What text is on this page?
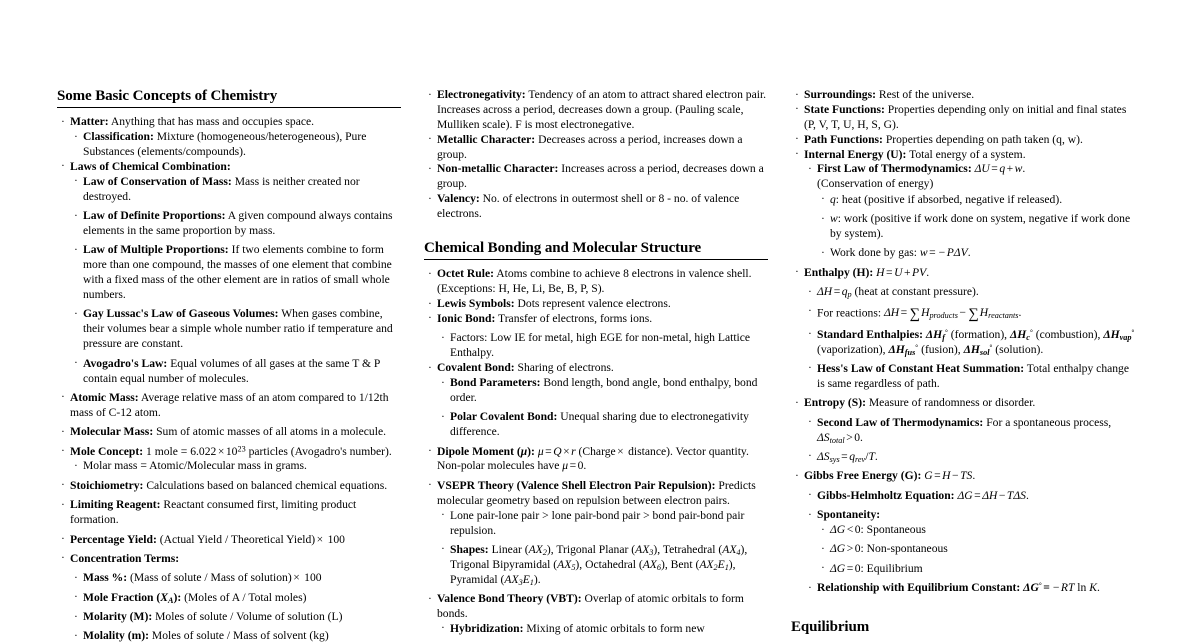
Some Basic Concepts of Chemistry
· Matter: Anything that has mass and occupies space.
· Classification: Mixture (homogeneous/heterogeneous), Pure Substances (elements/compounds).
· Laws of Chemical Combination:
· Law of Conservation of Mass: Mass is neither created nor destroyed.
· Law of Definite Proportions: A given compound always contains elements in the same proportion by mass.
· Law of Multiple Proportions: If two elements combine to form more than one compound, the masses of one element that combine with a fixed mass of the other element are in ratios of small whole numbers.
· Gay Lussac's Law of Gaseous Volumes: When gases combine, their volumes bear a simple whole number ratio if temperature and pressure are constant.
· Avogadro's Law: Equal volumes of all gases at the same T & P contain equal number of molecules.
· Atomic Mass: Average relative mass of an atom compared to 1/12th mass of C-12 atom.
· Molecular Mass: Sum of atomic masses of all atoms in a molecule.
· Mole Concept: 1 mole = $6.022 \times 10^{23}$ particles (Avogadro's number).
· Molar mass = Atomic/Molecular mass in grams.
· Stoichiometry: Calculations based on balanced chemical equations.
· Limiting Reagent: Reactant consumed first, limiting product formation.
· Percentage Yield: (Actual Yield / Theoretical Yield) × 100
· Concentration Terms:
· Mass %: (Mass of solute / Mass of solution) × 100
· Mole Fraction $(X_A)$: (Moles of A / Total moles)
· Molarity (M): Moles of solute / Volume of solution (L)
· Molality (m): Moles of solute / Mass of solvent (kg)
· Electronegativity: Tendency of an atom to attract shared electron pair. Increases across a period, decreases down a group. (Pauling scale, Mulliken scale). F is most electronegative.
· Metallic Character: Decreases across a period, increases down a group.
· Non-metallic Character: Increases across a period, decreases down a group.
· Valency: No. of electrons in outermost shell or 8 - no. of valence electrons.
Chemical Bonding and Molecular Structure
· Octet Rule: Atoms combine to achieve 8 electrons in valence shell. (Exceptions: H, He, Li, Be, B, P, S).
· Lewis Symbols: Dots represent valence electrons.
· Ionic Bond: Transfer of electrons, forms ions.
· Factors: Low IE for metal, high EGE for non-metal, high Lattice Enthalpy.
· Covalent Bond: Sharing of electrons.
· Bond Parameters: Bond length, bond angle, bond enthalpy, bond order.
· Polar Covalent Bond: Unequal sharing due to electronegativity difference.
· Dipole Moment (μ): μ = Q × r (Charge × distance). Vector quantity. Non-polar molecules have μ = 0.
· VSEPR Theory (Valence Shell Electron Pair Repulsion): Predicts molecular geometry based on repulsion between electron pairs.
· Lone pair-lone pair > lone pair-bond pair > bond pair-bond pair repulsion.
· Shapes: Linear $(AX_2)$, Trigonal Planar $(AX_3)$, Tetrahedral $(AX_4)$, Trigonal Bipyramidal $(AX_5)$, Octahedral $(AX_6)$, Bent $(AX_2E_1)$, Pyramidal $(AX_3E_1)$.
· Valence Bond Theory (VBT): Overlap of atomic orbitals to form bonds.
· Hybridization: Mixing of atomic orbitals to form new
· Surroundings: Rest of the universe.
· State Functions: Properties depending only on initial and final states (P, V, T, U, H, S, G).
· Path Functions: Properties depending on path taken (q, w).
· Internal Energy (U): Total energy of a system.
· First Law of Thermodynamics: ΔU = q + w.
(Conservation of energy)
· q: heat (positive if absorbed, negative if released).
· w: work (positive if work done on system, negative if work done by system).
· Work done by gas: w = − PΔV.
· Enthalpy (H): H = U + PV.
· $\Delta H = q_p$ (heat at constant pressure).
· For reactions: $\Delta H = \sum H_{products} - \sum H_{reactants}$.
· Standard Enthalpies: $\Delta H_f^\circ$ (formation), $\Delta H_c^\circ$ (combustion), $\Delta H_{vap}^\circ$ (vaporization), $\Delta H_{fus}^\circ$ (fusion), $\Delta H_{sol}^\circ$ (solution).
· Hess's Law of Constant Heat Summation: Total enthalpy change is same regardless of path.
· Entropy (S): Measure of randomness or disorder.
· Second Law of Thermodynamics: For a spontaneous process, $\Delta S_{total} > 0$.
· $\Delta S_{sys} = q_{rev}/T$.
· Gibbs Free Energy (G): G = H − TS.
· Gibbs-Helmholtz Equation: ΔG = ΔH − TΔS.
· Spontaneity:
· ΔG < 0: Spontaneous
· ΔG > 0: Non-spontaneous
· ΔG = 0: Equilibrium
· Relationship with Equilibrium Constant: ΔG° = − RT ln K.
Equilibrium
